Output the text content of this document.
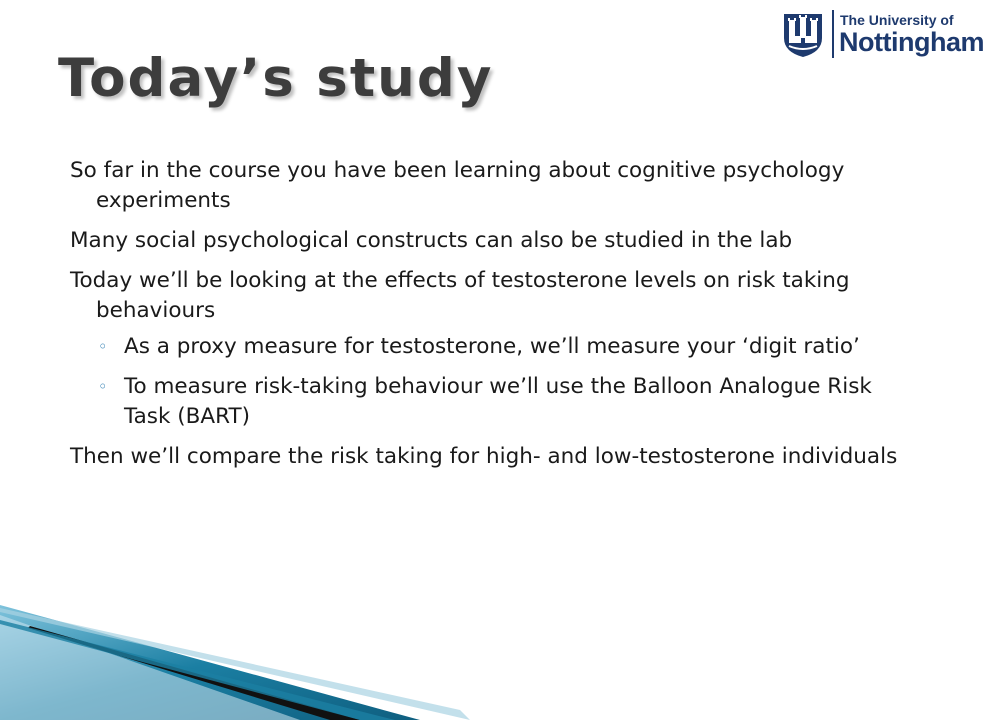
Today’s study
The University of
Nottingham

So far in the course you have been learning about cognitive psychology experiments

Many social psychological constructs can also be studied in the lab

Today we’ll be looking at the effects of testosterone levels on risk taking behaviours

◦ As a proxy measure for testosterone, we’ll measure your ‘digit ratio’
◦ To measure risk-taking behaviour we’ll use the Balloon Analogue Risk Task (BART)

Then we’ll compare the risk taking for high- and low-testosterone individuals
